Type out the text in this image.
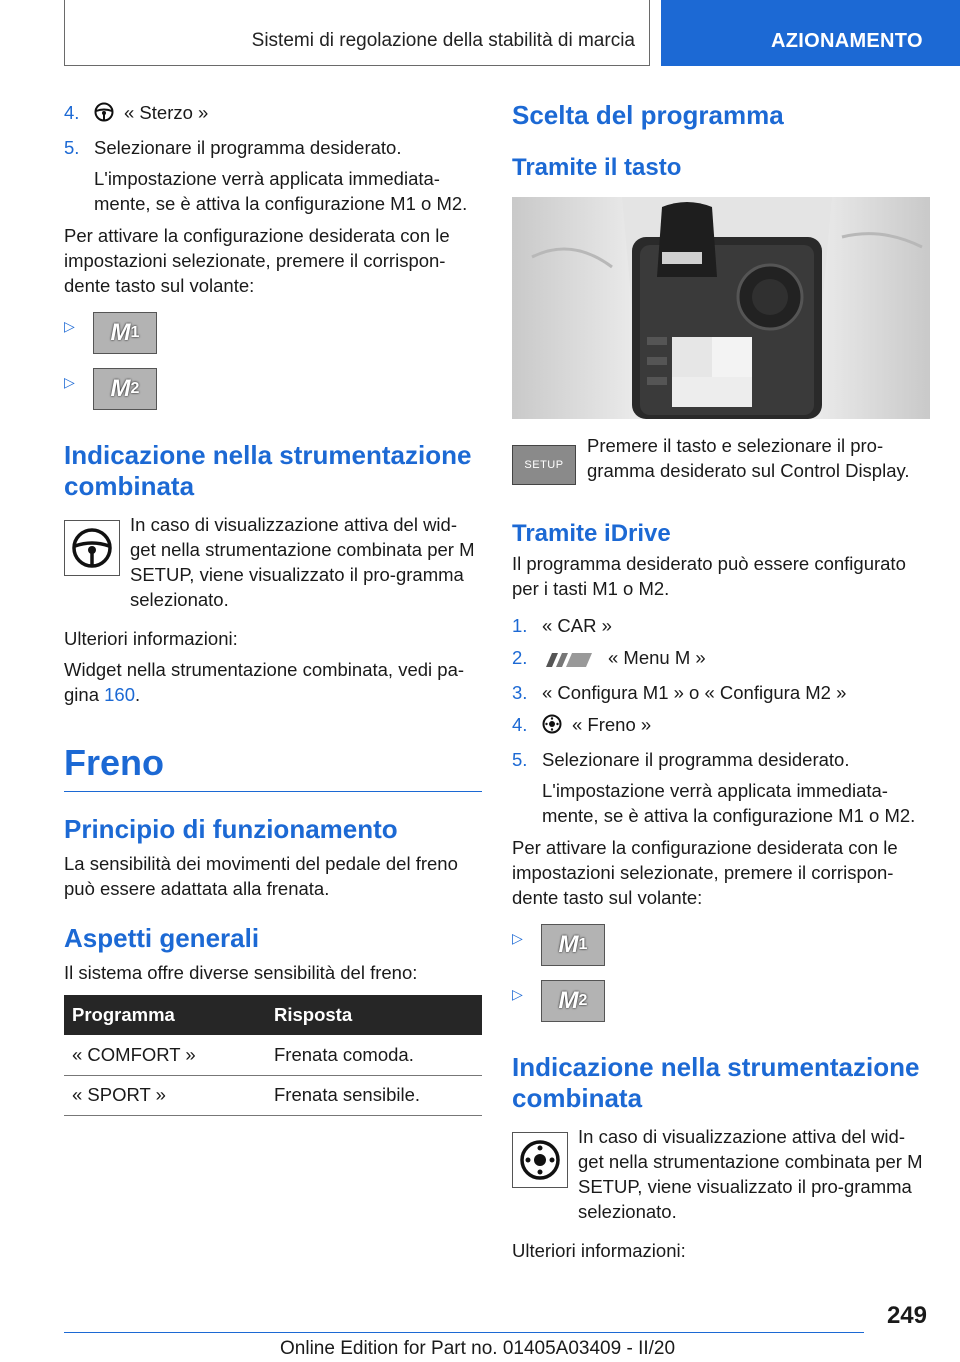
Sistemi di regolazione della stabilità di marcia	AZIONAMENTO
4.	« Sterzo »
5. Selezionare il programma desiderato.
L'impostazione verrà applicata immediata-mente, se è attiva la configurazione M1 o M2.

Per attivare la configurazione desiderata con le impostazioni selezionate, premere il corrispon-dente tasto sul volante:

▷ M 1
▷ M 2
Indicazione nella strumentazione combinata

In caso di visualizzazione attiva del wid-get nella strumentazione combinata per M SETUP, viene visualizzato il pro-gramma selezionato.

Ulteriori informazioni:

Widget nella strumentazione combinata, vedi pa-gina 160.

Freno
Principio di funzionamento

La sensibilità dei movimenti del pedale del freno può essere adattata alla frenata.

Aspetti generali

Il sistema offre diverse sensibilità del freno:

Programma	Risposta
« COMFORT »	Frenata comoda.
« SPORT »	Frenata sensibile.
Scelta del programma
Tramite il tasto
SETUP

Premere il tasto e selezionare il pro-gramma desiderato sul Control Display.

Tramite iDrive

Il programma desiderato può essere configurato per i tasti M1 o M2.

1. « CAR »
2.	« Menu M »
3. « Configura M1 » o « Configura M2 »
4.	« Freno »
5. Selezionare il programma desiderato.
L'impostazione verrà applicata immediata-mente, se è attiva la configurazione M1 o M2.

Per attivare la configurazione desiderata con le impostazioni selezionate, premere il corrispon-dente tasto sul volante:

▷ M 1
▷ M 2
Indicazione nella strumentazione combinata

In caso di visualizzazione attiva del wid-get nella strumentazione combinata per M SETUP, viene visualizzato il pro-gramma selezionato.

Ulteriori informazioni:

249
Online Edition for Part no. 01405A03409 - II/20
